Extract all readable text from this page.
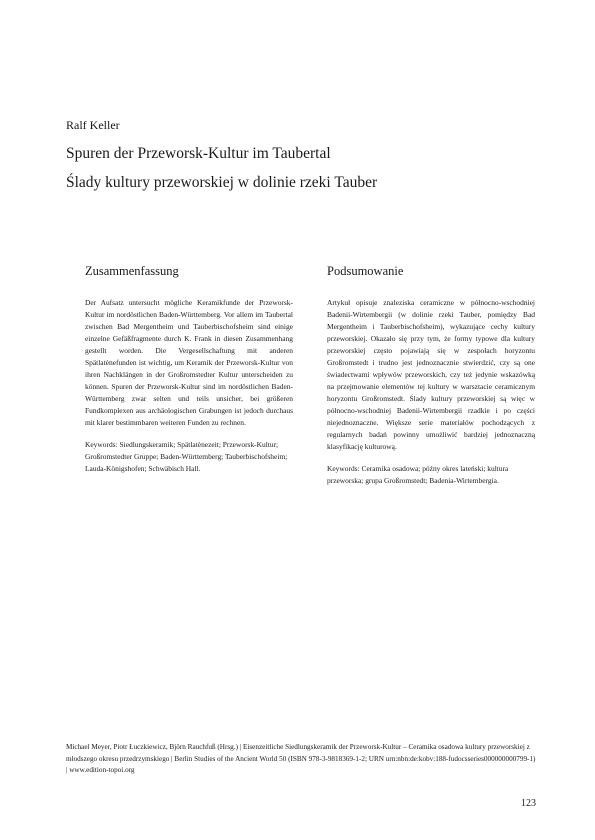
Ralf Keller
Spuren der Przeworsk-Kultur im Taubertal
Ślady kultury przeworskiej w dolinie rzeki Tauber
Zusammenfassung

Der Aufsatz untersucht mögliche Keramikfunde der Przeworsk-Kultur im nordöstlichen Baden-Württemberg. Vor allem im Taubertal zwischen Bad Mergentheim und Tauberbischofsheim sind einige einzelne Gefäßfragmente durch K. Frank in diesen Zusammenhang gestellt worden. Die Vergesellschaftung mit anderen Spätlatènefunden ist wichtig, um Keramik der Przeworsk-Kultur von ihren Nachklängen in der Großromstedter Kultur unterscheiden zu können. Spuren der Przeworsk-Kultur sind im nordöstlichen Baden-Württemberg zwar selten und teils unsicher, bei größeren Fundkomplexen aus archäologischen Grabungen ist jedoch durchaus mit klarer bestimmbaren weiteren Funden zu rechnen.

Keywords: Siedlungskeramik; Spätlatènezeit; Przeworsk-Kultur; Großromstedter Gruppe; Baden-Württemberg; Tauberbischofsheim; Lauda-Königshofen; Schwäbisch Hall.

Podsumowanie

Artykuł opisuje znaleziska ceramiczne w północno-wschodniej Badenii-Wirtembergii (w dolinie rzeki Tauber, pomiędzy Bad Mergentheim i Tauberbischofsheim), wykazujące cechy kultury przeworskiej. Okazało się przy tym, że formy typowe dla kultury przeworskiej często pojawiają się w zespołach horyzontu Großromstedt i trudno jest jednoznacznie stwierdzić, czy są one świadectwami wpływów przeworskich, czy też jedynie wskazówką na przejmowanie elementów tej kultury w warsztacie ceramicznym horyzontu Großromstedt. Ślady kultury przeworskiej są więc w północno-wschodniej Badenii-Wirtembergii rzadkie i po części niejednoznaczne. Większe serie materiałów pochodzących z regularnych badań powinny umożliwić bardziej jednoznaczną klasyfikację kulturową.

Keywords: Ceramika osadowa; późny okres lateński; kultura przeworska; grupa Großromstedt; Badenia-Wirtembergia.

Michael Meyer, Piotr Łuczkiewicz, Björn Rauchfuß (Hrsg.) | Eisenzeitliche Siedlungskeramik der Przeworsk-Kultur – Ceramika osadowa kultury przeworskiej z młodszego okresu przedrzymskiego | Berlin Studies of the Ancient World 50 (ISBN 978-3-9818369-1-2; URN urn:nbn:de:kobv:188-fudocsseries000000000799-1) | www.edition-topoi.org
123
